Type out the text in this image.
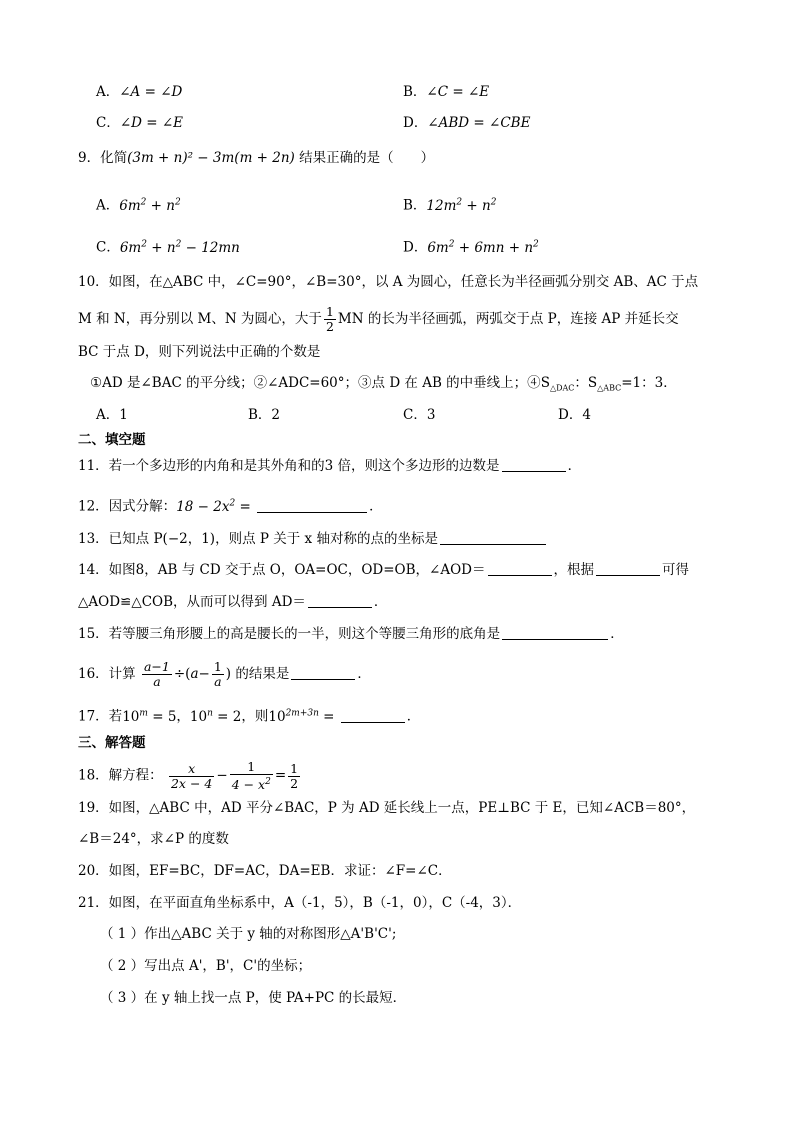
A．∠A = ∠D	B．∠C = ∠E
C．∠D = ∠E	D．∠ABD = ∠CBE
9．化简(3m + n)² − 3m(m + 2n) 结果正确的是（　　）
A．$6m^2 + n^2$	B．$12m^2 + n^2$
C．$6m^2 + n^2 - 12mn$	D．$6m^2 + 6mn + n^2$
10．如图，在△ABC 中，∠C=90°，∠B=30°，以 A 为圆心，任意长为半径画弧分别交 AB、AC 于点
M 和 N，再分别以 M、N 为圆心，大于 $\frac{1}{2}$ MN 的长为半径画弧，两弧交于点 P，连接 AP 并延长交
BC 于点 D，则下列说法中正确的个数是
①AD 是∠BAC 的平分线；②∠ADC=60°；③点 D 在 AB 的中垂线上；$④S_{\triangle DAC}$：$S_{\triangle ABC}=1$：3．
A．1	B．2	C．3	D．4
二、填空题
11．若一个多边形的内角和是其外角和的3 倍，则这个多边形的边数是	．
12．因式分解：$18 - 2x^2$ =	．
13．已知点 P(−2，1)，则点 P 关于 x 轴对称的点的坐标是
14．如图8，AB 与 CD 交于点 O，OA=OC，OD=OB，∠AOD＝	，根据	可得
△AOD≌△COB，从而可以得到 AD＝	．
15．若等腰三角形腰上的高是腰长的一半，则这个等腰三角形的底角是	．
16．计算 $\frac{a-1}{a} \div(a- \frac{1}{a}$ ) 的结果是	．
17．若$10^m = 5$，$10^n = 2$，则$10^{2m+3n}$ =	．
三、解答题
18．解方程： $\frac{x}{2x - 4} - \frac{1}{4 - x^2} = \frac{1}{2}$
19．如图，△ABC 中，AD 平分∠BAC，P 为 AD 延长线上一点，PE⊥BC 于 E，已知∠ACB＝80°，
∠B＝24°，求∠P 的度数
20．如图，EF=BC，DF=AC，DA=EB．求证：∠F=∠C．
21．如图，在平面直角坐标系中，A（-1，5），B（-1，0），C（-4，3）．
（ 1 ）作出△ABC 关于 y 轴的对称图形△A'B'C';
（ 2 ）写出点 A'，B'，C'的坐标；
（ 3 ）在 y 轴上找一点 P，使 PA+PC 的长最短．
